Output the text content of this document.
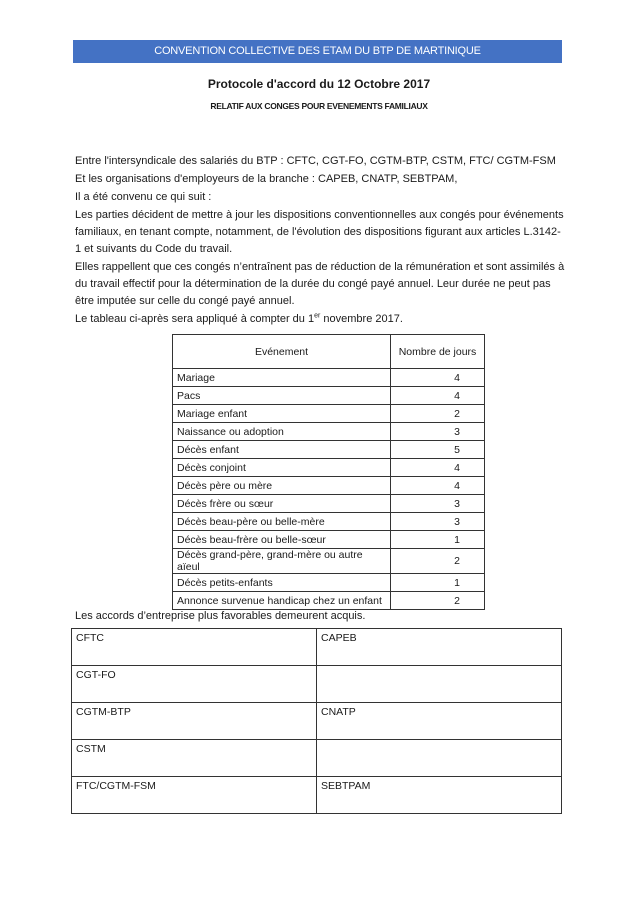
CONVENTION COLLECTIVE DES ETAM DU BTP DE MARTINIQUE
Protocole d'accord du 12 Octobre 2017
RELATIF AUX CONGES POUR EVENEMENTS FAMILIAUX

Entre l'intersyndicale des salariés du BTP : CFTC, CGT-FO, CGTM-BTP, CSTM, FTC/ CGTM-FSM

Et les organisations d'employeurs de la branche : CAPEB, CNATP, SEBTPAM,

Il a été convenu ce qui suit :

Les parties décident de mettre à jour les dispositions conventionnelles aux congés pour événements familiaux, en tenant compte, notamment, de l'évolution des dispositions figurant aux articles L.3142-1 et suivants du Code du travail.

Elles rappellent que ces congés n’entraînent pas de réduction de la rémunération et sont assimilés à du travail effectif pour la détermination de la durée du congé payé annuel. Leur durée ne peut pas être imputée sur celle du congé payé annuel.

Le tableau ci-après sera appliqué à compter du 1er novembre 2017.

Evénement	Nombre de jours
Mariage	4
Pacs	4
Mariage enfant	2
Naissance ou adoption	3
Décès enfant	5
Décès conjoint	4
Décès père ou mère	4
Décès frère ou sœur	3
Décès beau-père ou belle-mère	3
Décès beau-frère ou belle-sœur	1
Décès grand-père, grand-mère ou autre aïeul	2
Décès petits-enfants	1
Annonce survenue handicap chez un enfant	2
Les accords d’entreprise plus favorables demeurent acquis.
CFTC	CAPEB
CGT-FO	
CGTM-BTP	CNATP
CSTM	
FTC/CGTM-FSM	SEBTPAM
